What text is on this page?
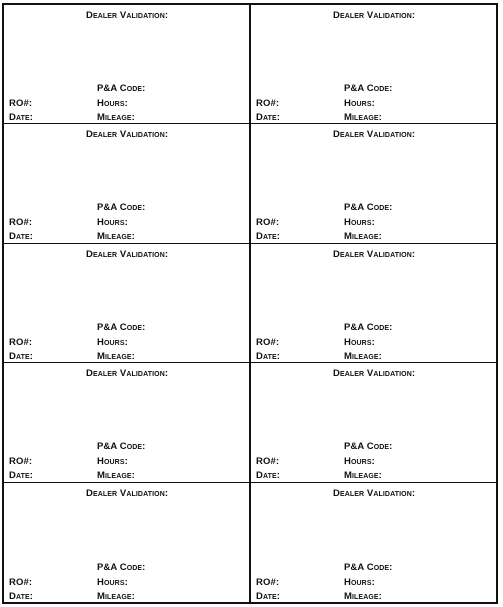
Dealer Validation:
P&A Code:
RO#:	Hours:
Date:	Mileage:
Dealer Validation:
P&A Code:
RO#:	Hours:
Date:	Mileage:
Dealer Validation:
P&A Code:
RO#:	Hours:
Date:	Mileage:
Dealer Validation:
P&A Code:
RO#:	Hours:
Date:	Mileage:
Dealer Validation:
P&A Code:
RO#:	Hours:
Date:	Mileage:
Dealer Validation:
P&A Code:
RO#:	Hours:
Date:	Mileage:
Dealer Validation:
P&A Code:
RO#:	Hours:
Date:	Mileage:
Dealer Validation:
P&A Code:
RO#:	Hours:
Date:	Mileage:
Dealer Validation:
P&A Code:
RO#:	Hours:
Date:	Mileage:
Dealer Validation:
P&A Code:
RO#:	Hours:
Date:	Mileage:
